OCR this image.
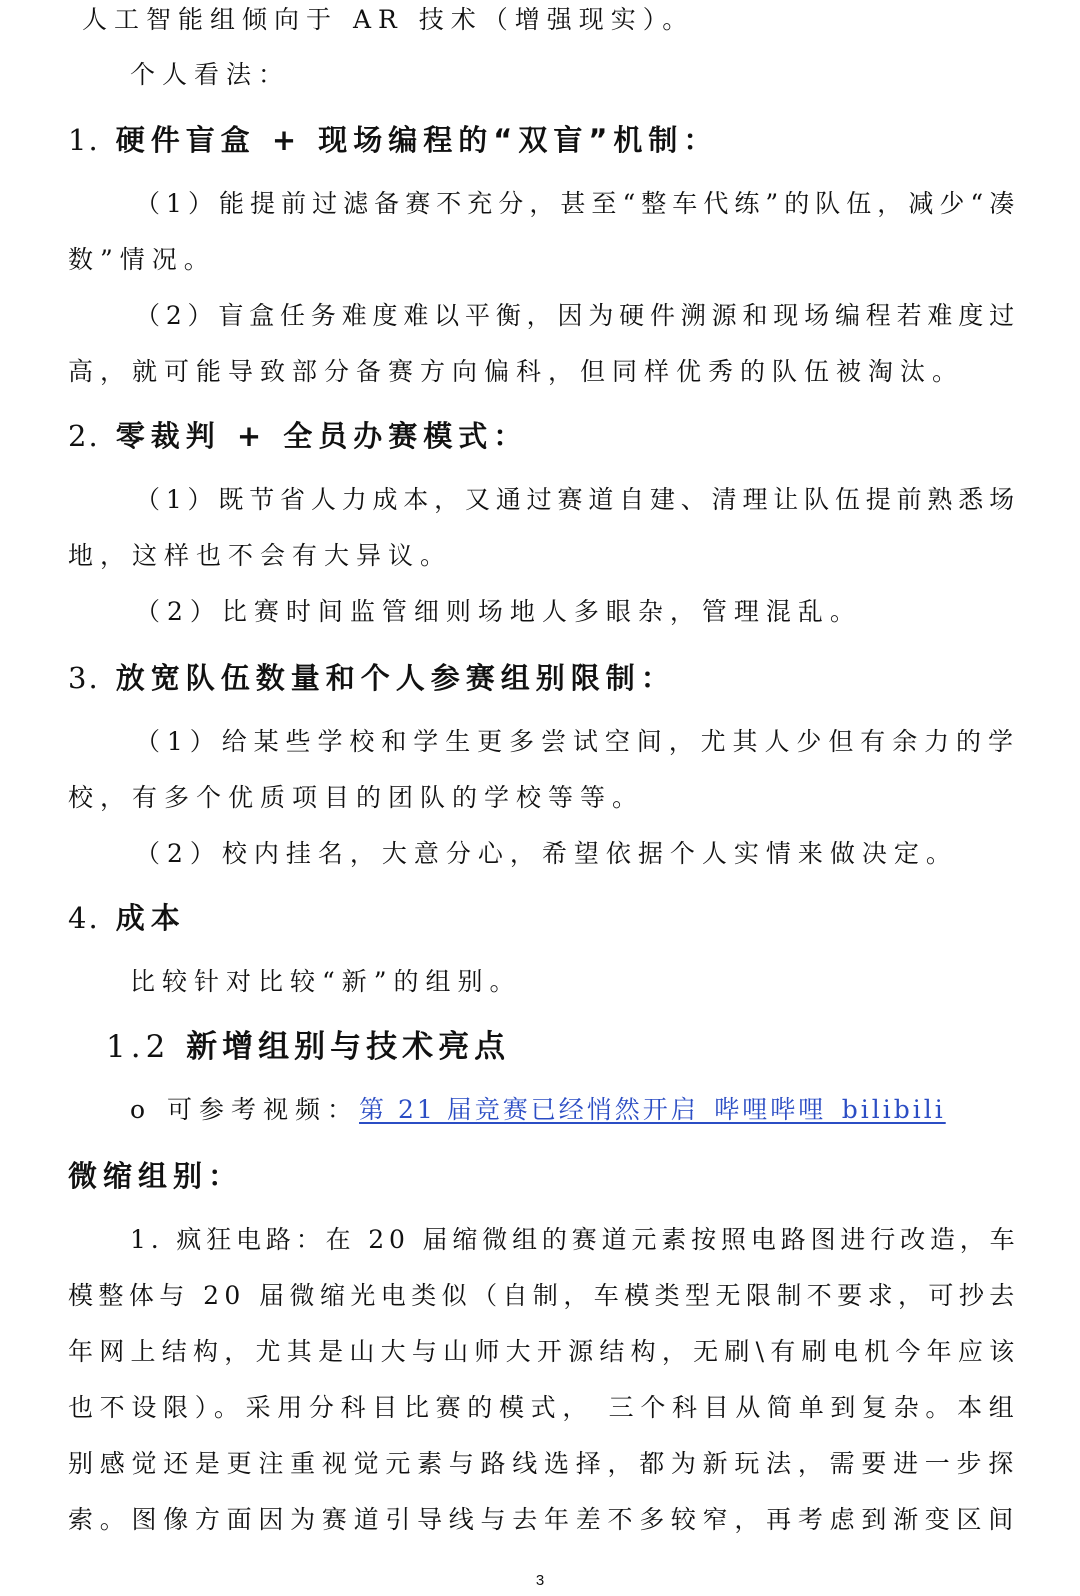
人工智能组倾向于 AR 技术（增强现实）。
个人看法：
1. 硬件盲盒 + 现场编程的“双盲”机制：
（1）能提前过滤备赛不充分，甚至“整车代练”的队伍，减少“凑
数”情况。
（2）盲盒任务难度难以平衡，因为硬件溯源和现场编程若难度过
高，就可能导致部分备赛方向偏科，但同样优秀的队伍被淘汰。
2. 零裁判 + 全员办赛模式：
（1）既节省人力成本，又通过赛道自建、清理让队伍提前熟悉场
地，这样也不会有大异议。
（2）比赛时间监管细则场地人多眼杂，管理混乱。
3. 放宽队伍数量和个人参赛组别限制：
（1）给某些学校和学生更多尝试空间，尤其人少但有余力的学
校，有多个优质项目的团队的学校等等。
（2）校内挂名，大意分心，希望依据个人实情来做决定。
4. 成本
比较针对比较“新”的组别。
1.2 新增组别与技术亮点
o 可参考视频：第 21 届竞赛已经悄然开启_哔哩哔哩_bilibili
微缩组别：
1. 疯狂电路：在 20 届缩微组的赛道元素按照电路图进行改造，车
模整体与 20 届微缩光电类似（自制，车模类型无限制不要求，可抄去
年网上结构，尤其是山大与山师大开源结构，无刷\有刷电机今年应该
也不设限）。采用分科目比赛的模式， 三个科目从简单到复杂。本组
别感觉还是更注重视觉元素与路线选择，都为新玩法，需要进一步探
索。图像方面因为赛道引导线与去年差不多较窄，再考虑到渐变区间
3
